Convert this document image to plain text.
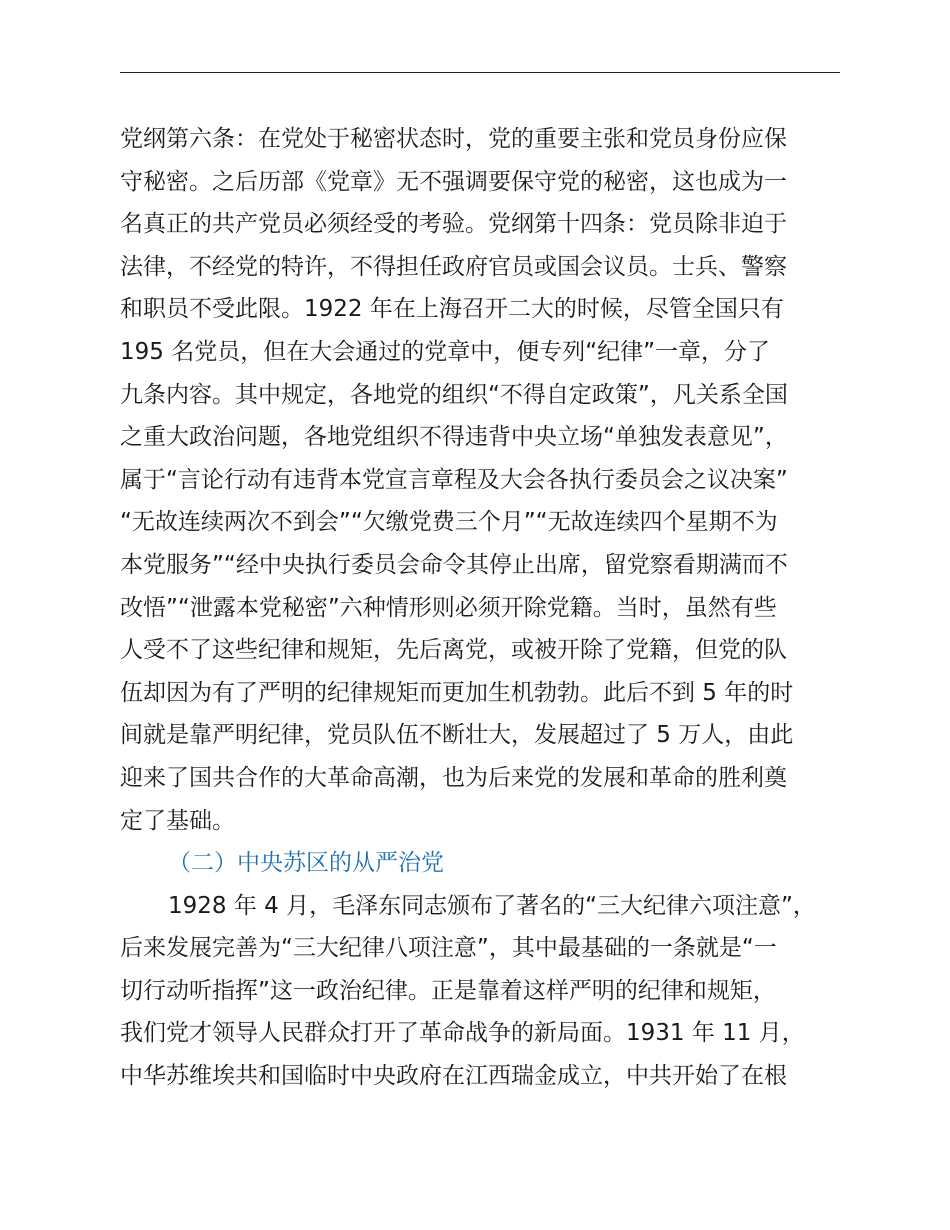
党纲第六条：在党处于秘密状态时，党的重要主张和党员身份应保
守秘密。之后历部《党章》无不强调要保守党的秘密，这也成为一
名真正的共产党员必须经受的考验。党纲第十四条：党员除非迫于
法律，不经党的特许，不得担任政府官员或国会议员。士兵、警察
和职员不受此限。1922 年在上海召开二大的时候，尽管全国只有
195 名党员，但在大会通过的党章中，便专列“纪律”一章，分了
九条内容。其中规定，各地党的组织“不得自定政策”，凡关系全国
之重大政治问题，各地党组织不得违背中央立场“单独发表意见”，
属于“言论行动有违背本党宣言章程及大会各执行委员会之议决案”
“无故连续两次不到会”“欠缴党费三个月”“无故连续四个星期不为
本党服务”“经中央执行委员会命令其停止出席，留党察看期满而不
改悟”“泄露本党秘密”六种情形则必须开除党籍。当时，虽然有些
人受不了这些纪律和规矩，先后离党，或被开除了党籍，但党的队
伍却因为有了严明的纪律规矩而更加生机勃勃。此后不到 5 年的时
间就是靠严明纪律，党员队伍不断壮大，发展超过了 5 万人，由此
迎来了国共合作的大革命高潮，也为后来党的发展和革命的胜利奠
定了基础。
（二）中央苏区的从严治党
1928 年 4 月，毛泽东同志颁布了著名的“三大纪律六项注意”，
后来发展完善为“三大纪律八项注意”，其中最基础的一条就是“一
切行动听指挥”这一政治纪律。正是靠着这样严明的纪律和规矩，
我们党才领导人民群众打开了革命战争的新局面。1931 年 11 月，
中华苏维埃共和国临时中央政府在江西瑞金成立，中共开始了在根
